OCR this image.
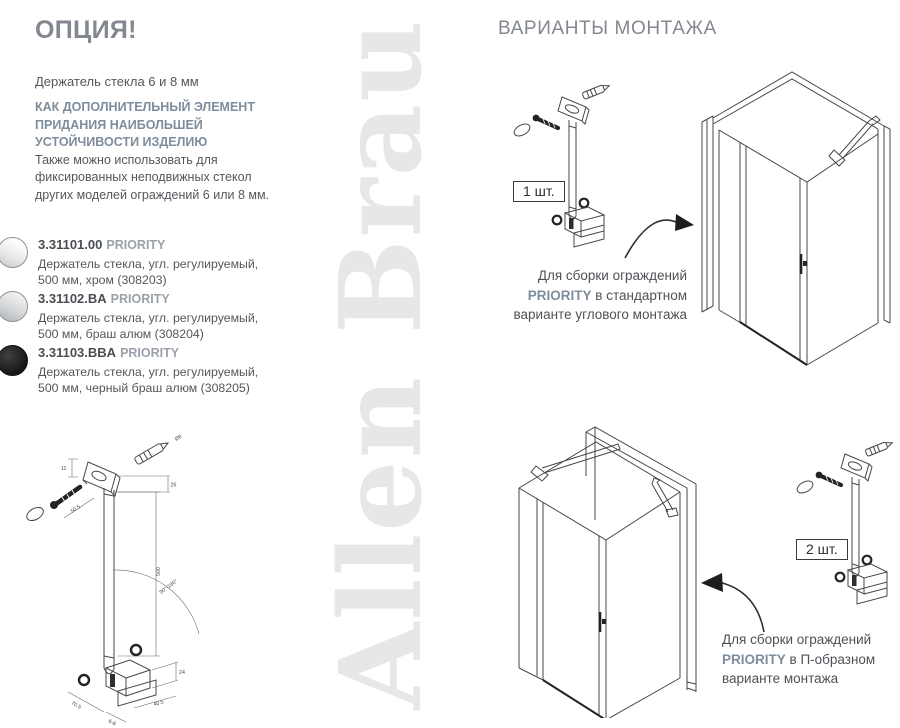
Allen Brau
ОПЦИЯ!
Держатель стекла 6 и 8 мм
КАК ДОПОЛНИТЕЛЬНЫЙ ЭЛЕМЕНТ ПРИДАНИЯ НАИБОЛЬШЕЙ УСТОЙЧИВОСТИ ИЗДЕЛИЮ
Также можно использовать для фиксированных неподвижных стекол других моделей ограждений 6 или 8 мм.
3.31101.00 PRIORITY
Держатель стекла, угл. регулируемый, 500 мм, хром (308203)
3.31102.BA PRIORITY
Держатель стекла, угл. регулируемый, 500 мм, браш алюм (308204)
3.31103.BBA PRIORITY
Держатель стекла, угл. регулируемый, 500 мм, черный браш алюм (308205)
Ø8
11
50.5
26
500
90°-180°
70.5
6-8
40.5
24
ВАРИАНТЫ МОНТАЖА
1 шт.
Для сборки ограждений PRIORITY в стандартном варианте углового монтажа
2 шт.
Для сборки ограждений PRIORITY в П-образном варианте монтажа
